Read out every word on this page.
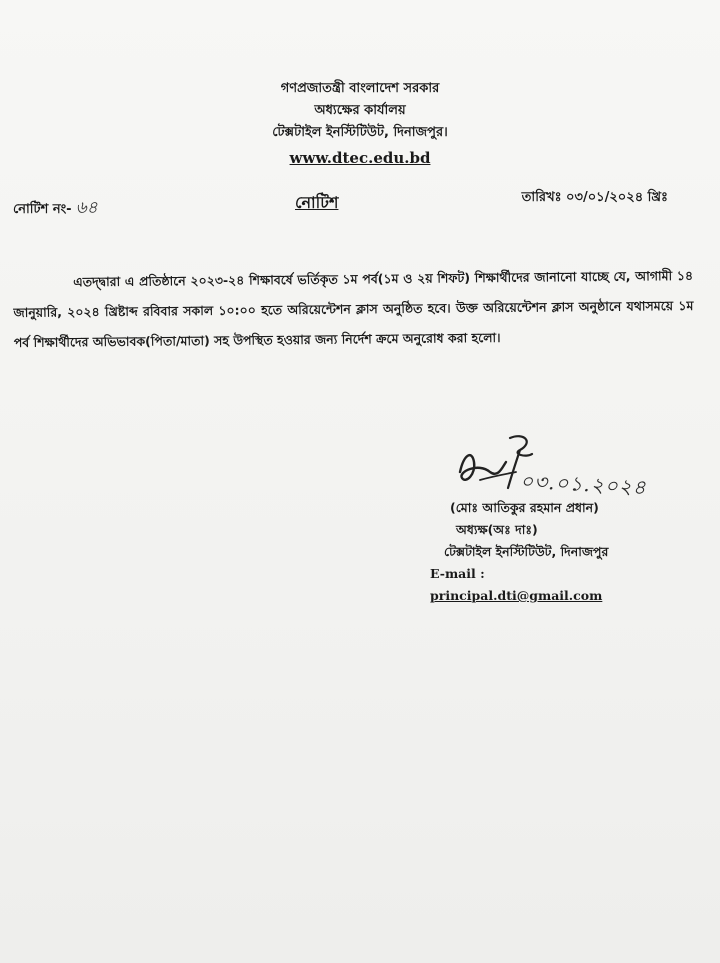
গণপ্রজাতন্ত্রী বাংলাদেশ সরকার
অধ্যক্ষের কার্যালয়
টেক্সটাইল ইনস্টিটিউট, দিনাজপুর।
www.dtec.edu.bd
নোটিশ নং- ৬৪	নোটিশ	তারিখঃ ০৩/০১/২০২৪ খ্রিঃ

এতদ্দ্বারা এ প্রতিষ্ঠানে ২০২৩-২৪ শিক্ষাবর্ষে ভর্তিকৃত ১ম পর্ব(১ম ও ২য় শিফট) শিক্ষার্থীদের জানানো যাচ্ছে যে, আগামী ১৪ জানুয়ারি, ২০২৪ খ্রিষ্টাব্দ রবিবার সকাল ১০:০০ হতে অরিয়েন্টেশন ক্লাস অনুষ্ঠিত হবে। উক্ত অরিয়েন্টেশন ক্লাস অনুষ্ঠানে যথাসময়ে ১ম পর্ব শিক্ষার্থীদের অভিভাবক(পিতা/মাতা) সহ উপস্থিত হওয়ার জন্য নির্দেশ ক্রমে অনুরোধ করা হলো।

০৩.০১.২০২৪
(মোঃ আতিকুর রহমান প্রধান)
অধ্যক্ষ(অঃ দাঃ)
টেক্সটাইল ইনস্টিটিউট, দিনাজপুর
E-mail : principal.dti@gmail.com
